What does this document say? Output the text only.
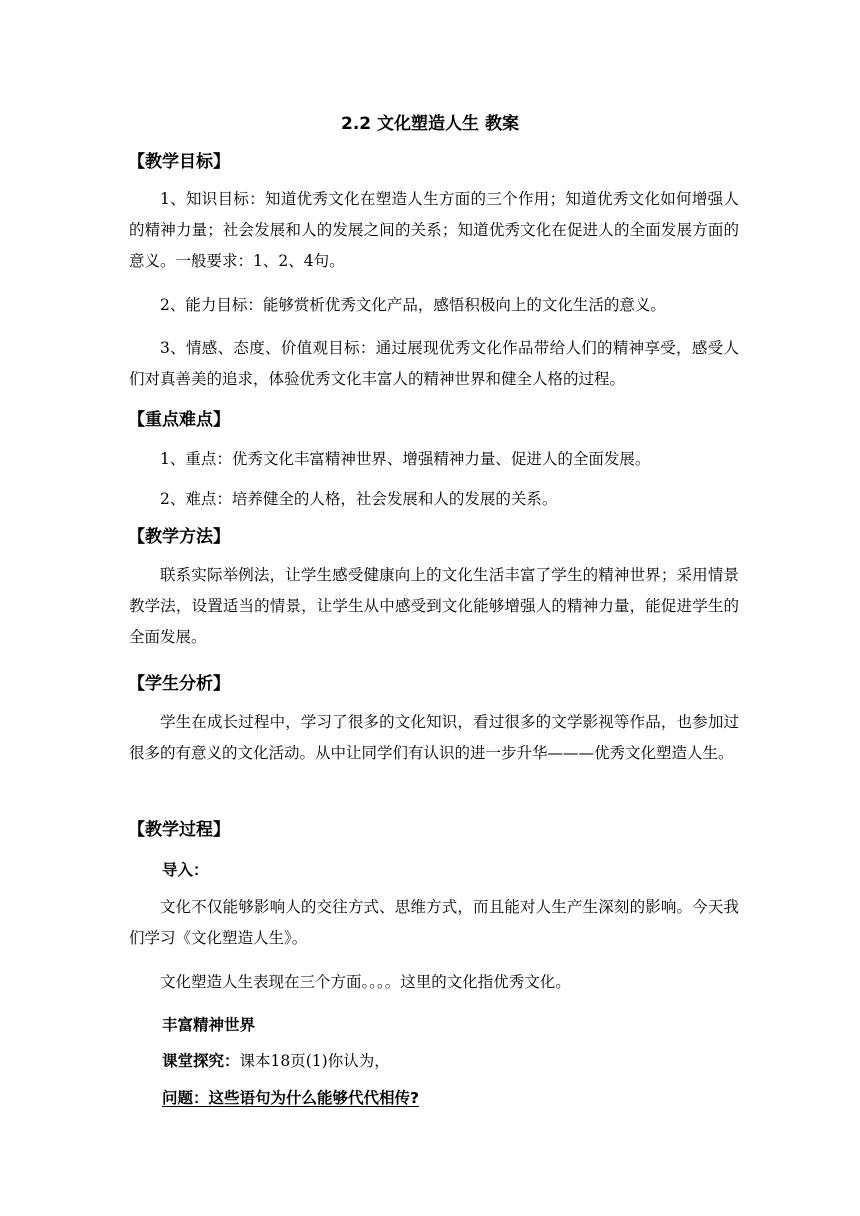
2.2 文化塑造人生 教案
【教学目标】
1、知识目标：知道优秀文化在塑造人生方面的三个作用；知道优秀文化如何增强人的精神力量；社会发展和人的发展之间的关系；知道优秀文化在促进人的全面发展方面的意义。一般要求：1、2、4句。
2、能力目标：能够赏析优秀文化产品，感悟积极向上的文化生活的意义。
3、情感、态度、价值观目标：通过展现优秀文化作品带给人们的精神享受，感受人们对真善美的追求，体验优秀文化丰富人的精神世界和健全人格的过程。
【重点难点】
1、重点：优秀文化丰富精神世界、增强精神力量、促进人的全面发展。
2、难点：培养健全的人格，社会发展和人的发展的关系。
【教学方法】
联系实际举例法，让学生感受健康向上的文化生活丰富了学生的精神世界；采用情景教学法，设置适当的情景，让学生从中感受到文化能够增强人的精神力量，能促进学生的全面发展。
【学生分析】
学生在成长过程中，学习了很多的文化知识，看过很多的文学影视等作品，也参加过很多的有意义的文化活动。从中让同学们有认识的进一步升华———优秀文化塑造人生。
【教学过程】
导入：
文化不仅能够影响人的交往方式、思维方式，而且能对人生产生深刻的影响。今天我们学习《文化塑造人生》。
文化塑造人生表现在三个方面。。。。这里的文化指优秀文化。
丰富精神世界
课堂探究：课本18页(1)你认为，
问题：这些语句为什么能够代代相传?
